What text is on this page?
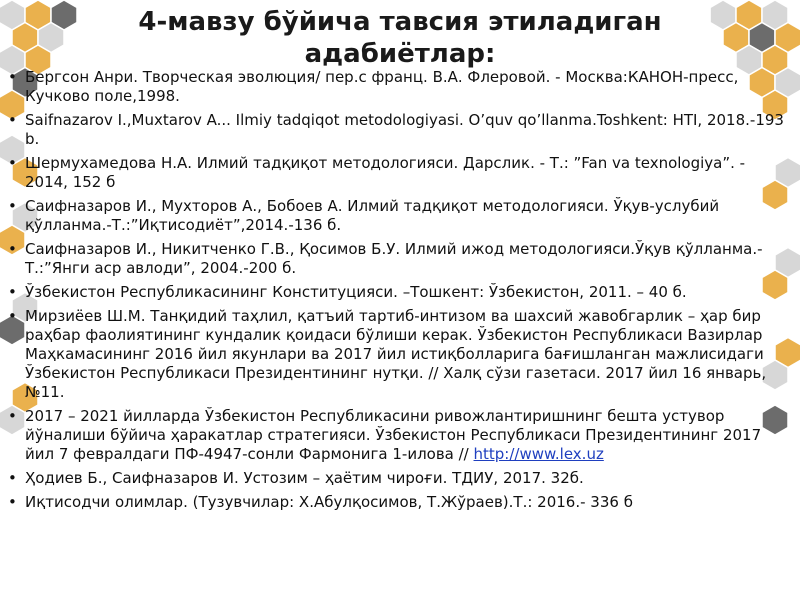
4-мавзу бўйича тавсия этиладиган адабиётлар:
• Бергсон Анри. Творческая эволюция/ пер.с франц. В.А. Флеровой. - Москва:КАНОН-пресс, Кучково поле,1998.
• Saifnazarov I.,Muxtarov A... Ilmiy tadqiqot metodologiyasi. O’quv qo’llanma.Toshkent: HTI, 2018.-193 b.
• Шермухамедова Н.А. Илмий тадқиқот методологияси. Дарслик. - Т.: ”Fan va texnologiya”. - 2014, 152 б
• Саифназаров И., Мухторов А., Бобоев А. Илмий тадқиқот методологияси. Ўқув-услубий қўлланма.-Т.:”Иқтисодиёт”,2014.-136 б.
• Саифназаров И., Никитченко Г.В., Қосимов Б.У. Илмий ижод методологияси.Ўқув қўлланма.-Т.:”Янги аср авлоди”, 2004.-200 б.
• Ўзбекистон Республикасининг Конституцияси. –Тошкент: Ўзбекистон, 2011. – 40 б.
• Мирзиёев Ш.М. Танқидий таҳлил, қатъий тартиб-интизом ва шахсий жавобгарлик – ҳар бир раҳбар фаолиятининг кундалик қоидаси бўлиши керак. Ўзбекистон Республикаси Вазирлар Маҳкамасининг 2016 йил якунлари ва 2017 йил истиқболларига бағишланган мажлисидаги Ўзбекистон Республикаси Президентининг нутқи. // Халқ сўзи газетаси. 2017 йил 16 январь, №11.
• 2017 – 2021 йилларда Ўзбекистон Республикасини ривожлантиришнинг бешта устувор йўналиши бўйича ҳаракатлар стратегияси. Ўзбекистон Республикаси Президентининг 2017 йил 7 февралдаги ПФ-4947-сонли Фармонига 1-илова // http://www.lex.uz
• Ҳодиев Б., Саифназаров И. Устозим – ҳаётим чироғи. ТДИУ, 2017. 32б.
• Иқтисодчи олимлар. (Тузувчилар: Х.Абулқосимов, Т.Жўраев).Т.: 2016.- 336 б
